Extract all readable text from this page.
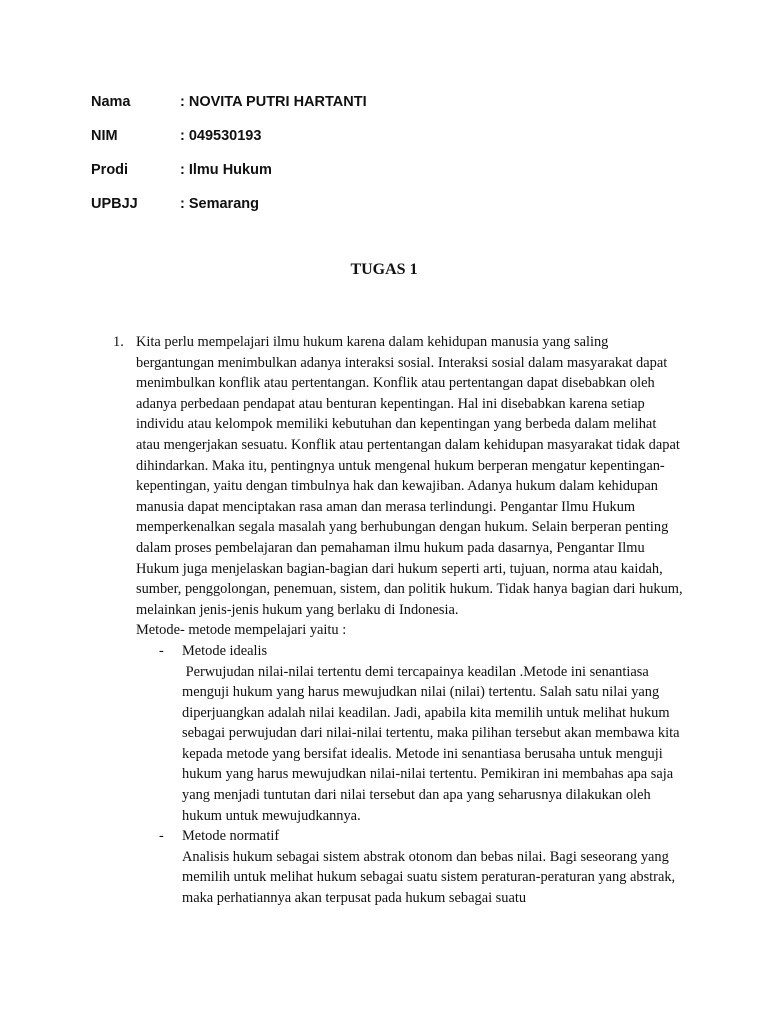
Nama	: NOVITA PUTRI HARTANTI
NIM	: 049530193
Prodi	: Ilmu Hukum
UPBJJ	: Semarang
TUGAS 1
1. Kita perlu mempelajari ilmu hukum karena dalam kehidupan manusia yang saling bergantungan menimbulkan adanya interaksi sosial. Interaksi sosial dalam masyarakat dapat menimbulkan konflik atau pertentangan. Konflik atau pertentangan dapat disebabkan oleh adanya perbedaan pendapat atau benturan kepentingan. Hal ini disebabkan karena setiap individu atau kelompok memiliki kebutuhan dan kepentingan yang berbeda dalam melihat atau mengerjakan sesuatu. Konflik atau pertentangan dalam kehidupan masyarakat tidak dapat dihindarkan. Maka itu, pentingnya untuk mengenal hukum berperan mengatur kepentingan-kepentingan, yaitu dengan timbulnya hak dan kewajiban. Adanya hukum dalam kehidupan manusia dapat menciptakan rasa aman dan merasa terlindungi. Pengantar Ilmu Hukum memperkenalkan segala masalah yang berhubungan dengan hukum. Selain berperan penting dalam proses pembelajaran dan pemahaman ilmu hukum pada dasarnya, Pengantar Ilmu Hukum juga menjelaskan bagian-bagian dari hukum seperti arti, tujuan, norma atau kaidah, sumber, penggolongan, penemuan, sistem, dan politik hukum. Tidak hanya bagian dari hukum, melainkan jenis-jenis hukum yang berlaku di Indonesia.

Metode- metode mempelajari yaitu :

- Metode idealis

Perwujudan nilai-nilai tertentu demi tercapainya keadilan .Metode ini senantiasa menguji hukum yang harus mewujudkan nilai (nilai) tertentu. Salah satu nilai yang diperjuangkan adalah nilai keadilan. Jadi, apabila kita memilih untuk melihat hukum sebagai perwujudan dari nilai-nilai tertentu, maka pilihan tersebut akan membawa kita kepada metode yang bersifat idealis. Metode ini senantiasa berusaha untuk menguji hukum yang harus mewujudkan nilai-nilai tertentu. Pemikiran ini membahas apa saja yang menjadi tuntutan dari nilai tersebut dan apa yang seharusnya dilakukan oleh hukum untuk mewujudkannya.

- Metode normatif

Analisis hukum sebagai sistem abstrak otonom dan bebas nilai. Bagi seseorang yang memilih untuk melihat hukum sebagai suatu sistem peraturan-peraturan yang abstrak, maka perhatiannya akan terpusat pada hukum sebagai suatu
